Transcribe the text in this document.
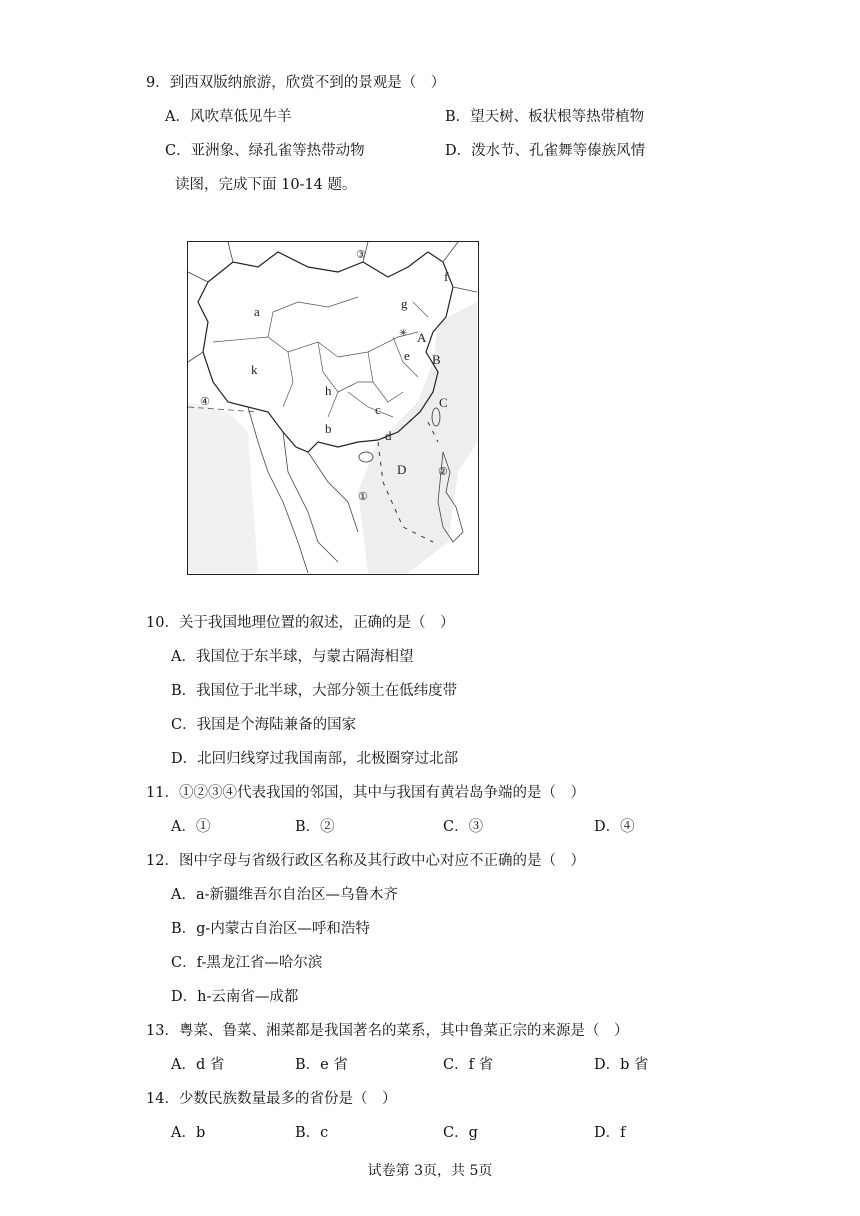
9．到西双版纳旅游，欣赏不到的景观是（　）
A．风吹草低见牛羊	B．望天树、板状根等热带植物
C．亚洲象、绿孔雀等热带动物	D．泼水节、孔雀舞等傣族风情
读图，完成下面 10-14 题。
③
④
②
①
a
k
h
b
c
d
e
f
g
A
B
C
D
✳
10．关于我国地理位置的叙述，正确的是（　）
A．我国位于东半球，与蒙古隔海相望
B．我国位于北半球，大部分领土在低纬度带
C．我国是个海陆兼备的国家
D．北回归线穿过我国南部，北极圈穿过北部
11．①②③④代表我国的邻国，其中与我国有黄岩岛争端的是（　）
A．①	B．②	C．③	D．④
12．图中字母与省级行政区名称及其行政中心对应不正确的是（　）
A．a-新疆维吾尔自治区—乌鲁木齐
B．g-内蒙古自治区—呼和浩特
C．f-黑龙江省—哈尔滨
D．h-云南省—成都
13．粤菜、鲁菜、湘菜都是我国著名的菜系，其中鲁菜正宗的来源是（　）
A．d 省	B．e 省	C．f 省	D．b 省
14．少数民族数量最多的省份是（　）
A．b	B．c	C．g	D．f
试卷第 3页，共 5页
